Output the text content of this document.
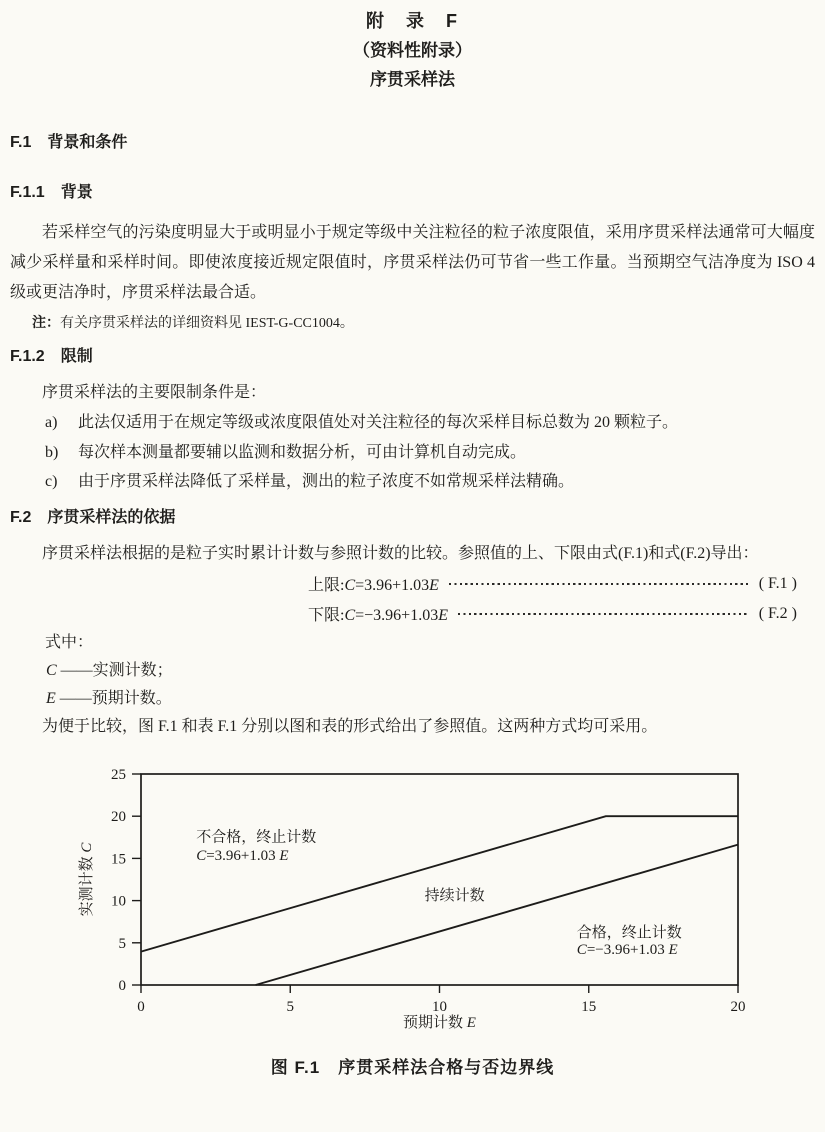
附　录　F
（资料性附录）
序贯采样法
F.1　背景和条件
F.1.1　背景
若采样空气的污染度明显大于或明显小于规定等级中关注粒径的粒子浓度限值，采用序贯采样法通常可大幅度减少采样量和采样时间。即使浓度接近规定限值时，序贯采样法仍可节省一些工作量。当预期空气洁净度为 ISO 4 级或更洁净时，序贯采样法最合适。
注：有关序贯采样法的详细资料见 IEST-G-CC1004。
F.1.2　限制
序贯采样法的主要限制条件是：
a)	此法仅适用于在规定等级或浓度限值处对关注粒径的每次采样目标总数为 20 颗粒子。
b)	每次样本测量都要辅以监测和数据分析，可由计算机自动完成。
c)	由于序贯采样法降低了采样量，测出的粒子浓度不如常规采样法精确。
F.2　序贯采样法的依据
序贯采样法根据的是粒子实时累计计数与参照计数的比较。参照值的上、下限由式(F.1)和式(F.2)导出：
上限:C=3.96+1.03E	( F.1 )
下限:C=−3.96+1.03E	( F.2 )
式中：
C ——实测计数；
E ——预期计数。
为便于比较，图 F.1 和表 F.1 分别以图和表的形式给出了参照值。这两种方式均可采用。
0	5	10	15	20
0
5
10
15
20
25
不合格，终止计数
C=3.96+1.03 E
持续计数
合格，终止计数
C=−3.96+1.03 E
预期计数 E
实测计数 C
图 F.1　序贯采样法合格与否边界线
